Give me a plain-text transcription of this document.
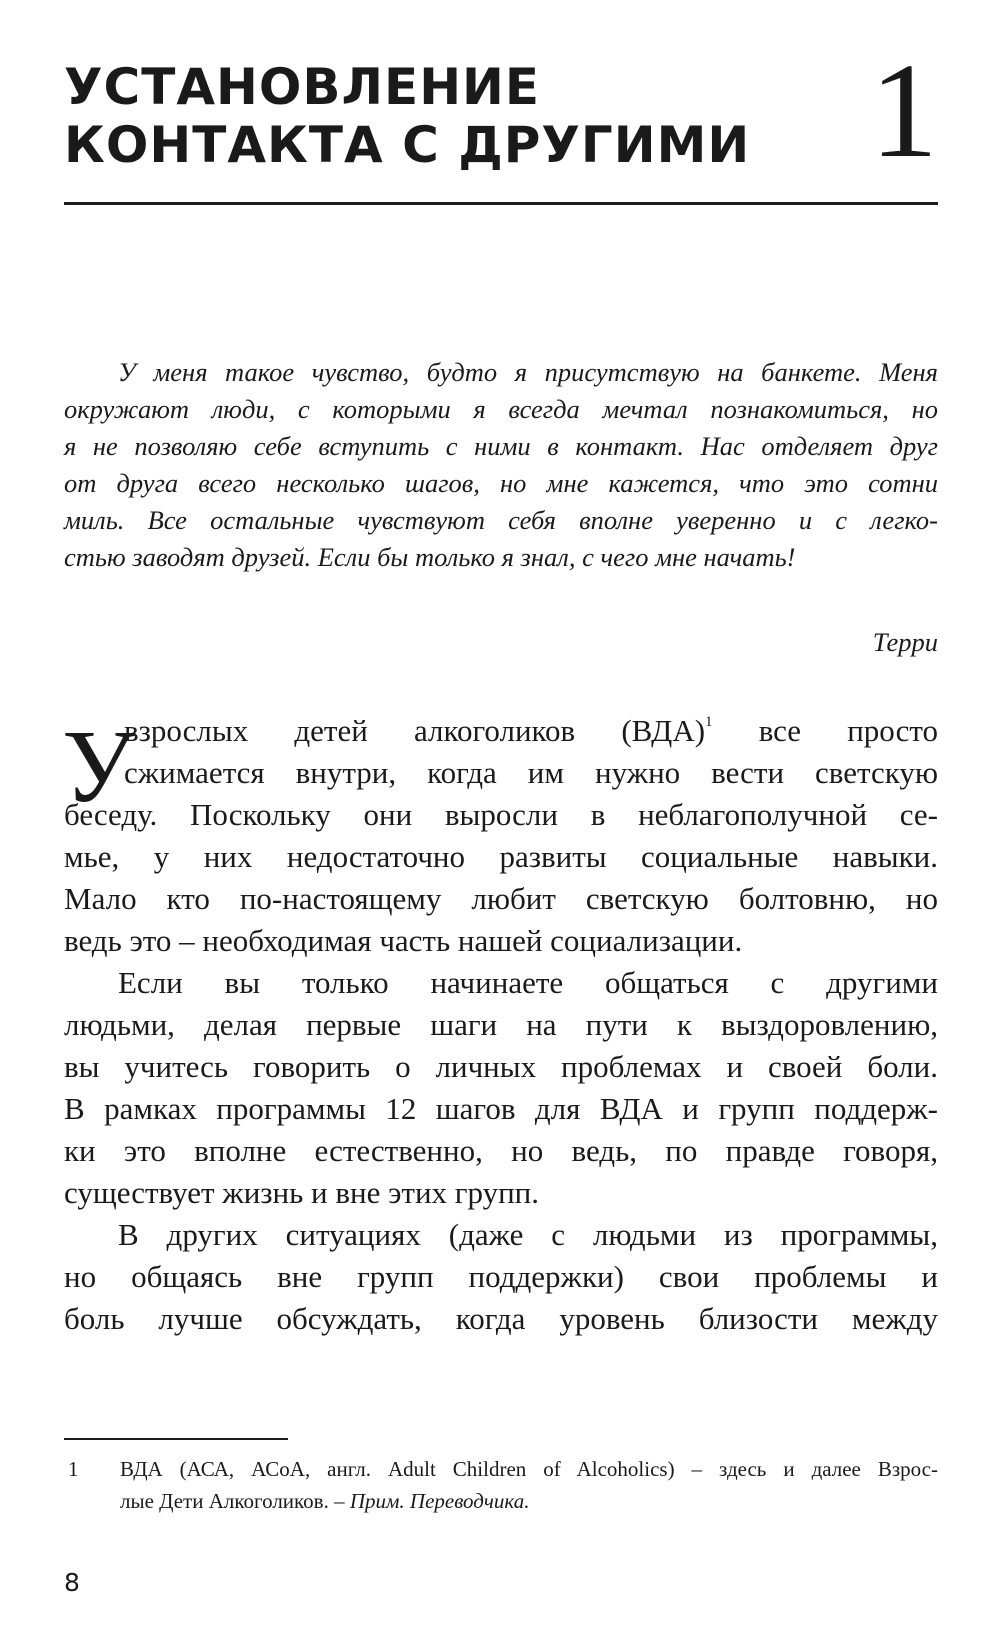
УСТАНОВЛЕНИЕ
КОНТАКТА С ДРУГИМИ 1
У меня такое чувство, будто я присутствую на банкете. Меня
окружают люди, с которыми я всегда мечтал познакомиться, но
я не позволяю себе вступить с ними в контакт. Нас отделяет друг
от друга всего несколько шагов, но мне кажется, что это сотни
миль. Все остальные чувствуют себя вполне уверенно и с легко-
стью заводят друзей. Если бы только я знал, с чего мне начать!
Терри
У
взрослых детей алкоголиков (ВДА)$^1$ все просто
сжимается внутри, когда им нужно вести светскую
беседу. Поскольку они выросли в неблагополучной се-
мье, у них недостаточно развиты социальные навыки.
Мало кто по-настоящему любит светскую болтовню, но
ведь это – необходимая часть нашей социализации.
Если вы только начинаете общаться с другими
людьми, делая первые шаги на пути к выздоровлению,
вы учитесь говорить о личных проблемах и своей боли.
В рамках программы 12 шагов для ВДА и групп поддерж-
ки это вполне естественно, но ведь, по правде говоря,
существует жизнь и вне этих групп.
В других ситуациях (даже с людьми из программы,
но общаясь вне групп поддержки) свои проблемы и
боль лучше обсуждать, когда уровень близости между
1 ВДА (АСА, АСоА, англ. Adult Children of Alcoholics) – здесь и далее Взрос-
лые Дети Алкоголиков. – Прим. Переводчика.
8
